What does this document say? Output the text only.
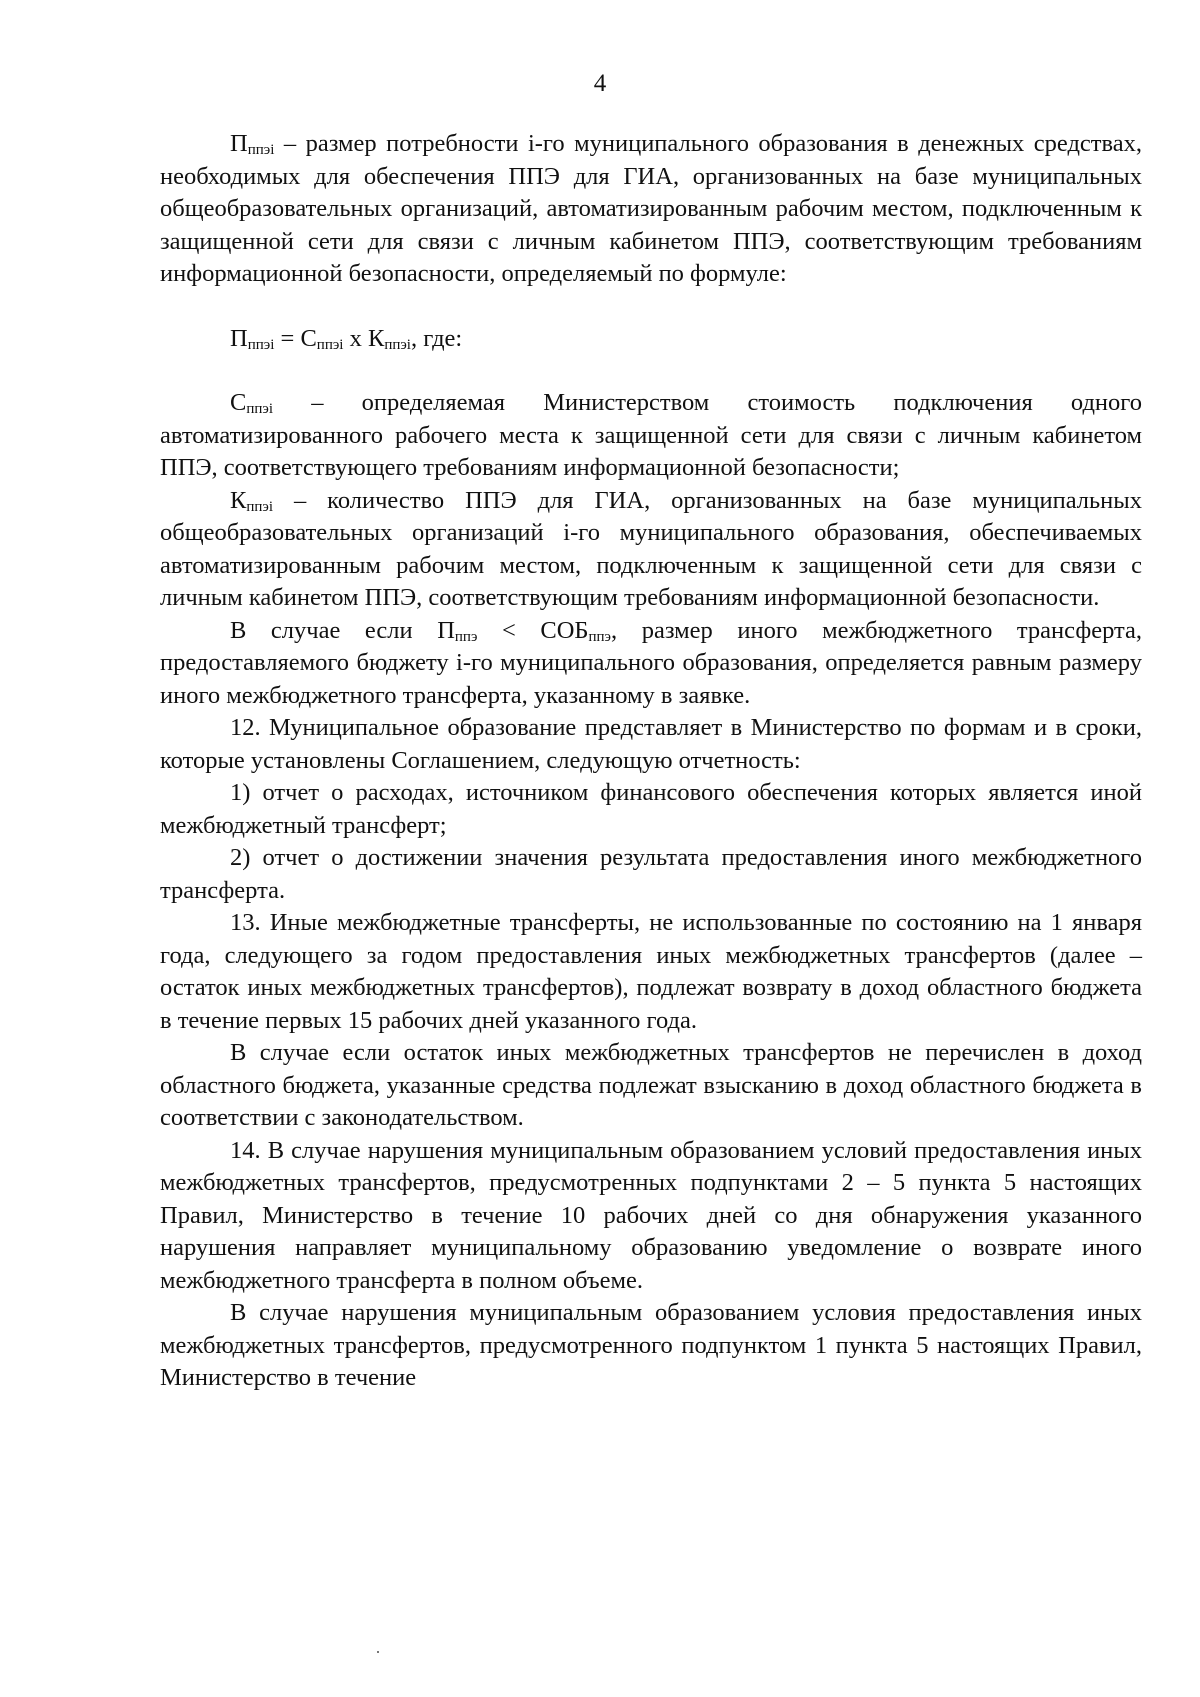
4

$П_{ппэi}$ – размер потребности i-го муниципального образования в денежных средствах, необходимых для обеспечения ППЭ для ГИА, организованных на базе муниципальных общеобразовательных организаций, автоматизированным рабочим местом, подключенным к защищенной сети для связи с личным кабинетом ППЭ, соответствующим требованиям информационной безопасности, определяемый по формуле:

$П_{ппэi} = С_{ппэi}$ x $К_{ппэi}$, где:

$С_{ппэi}$ – определяемая Министерством стоимость подключения одного автоматизированного рабочего места к защищенной сети для связи с личным кабинетом ППЭ, соответствующего требованиям информационной безопасности;

$К_{ппэi}$ – количество ППЭ для ГИА, организованных на базе муниципальных общеобразовательных организаций i-го муниципального образования, обеспечиваемых автоматизированным рабочим местом, подключенным к защищенной сети для связи с личным кабинетом ППЭ, соответствующим требованиям информационной безопасности.

В случае если $П_{ппэ} < СОБ_{ппэ}$, размер иного межбюджетного трансферта, предоставляемого бюджету i-го муниципального образования, определяется равным размеру иного межбюджетного трансферта, указанному в заявке.

12. Муниципальное образование представляет в Министерство по формам и в сроки, которые установлены Соглашением, следующую отчетность:

1) отчет о расходах, источником финансового обеспечения которых является иной межбюджетный трансферт;

2) отчет о достижении значения результата предоставления иного межбюджетного трансферта.

13. Иные межбюджетные трансферты, не использованные по состоянию на 1 января года, следующего за годом предоставления иных межбюджетных трансфертов (далее – остаток иных межбюджетных трансфертов), подлежат возврату в доход областного бюджета в течение первых 15 рабочих дней указанного года.

В случае если остаток иных межбюджетных трансфертов не перечислен в доход областного бюджета, указанные средства подлежат взысканию в доход областного бюджета в соответствии с законодательством.

14. В случае нарушения муниципальным образованием условий предоставления иных межбюджетных трансфертов, предусмотренных подпунктами 2 – 5 пункта 5 настоящих Правил, Министерство в течение 10 рабочих дней со дня обнаружения указанного нарушения направляет муниципальному образованию уведомление о возврате иного межбюджетного трансферта в полном объеме.

В случае нарушения муниципальным образованием условия предоставления иных межбюджетных трансфертов, предусмотренного подпунктом 1 пункта 5 настоящих Правил, Министерство в течение
